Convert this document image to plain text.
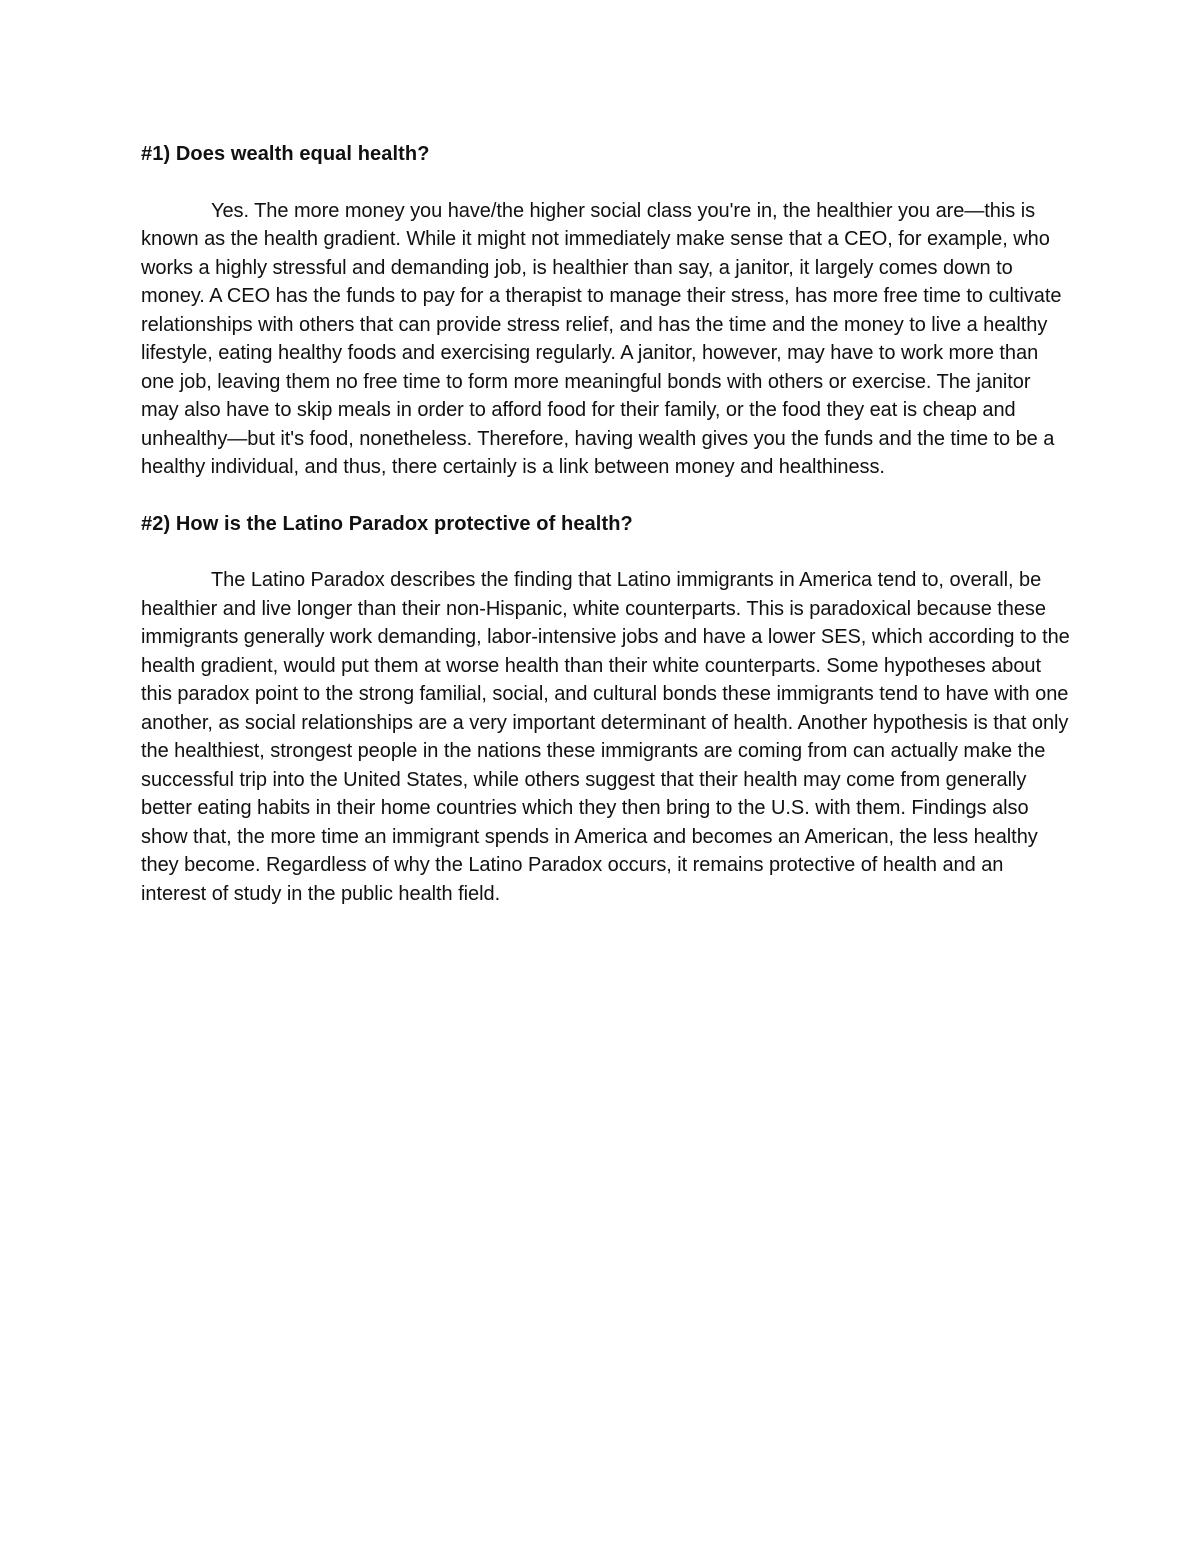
#1) Does wealth equal health?

Yes. The more money you have/the higher social class you're in, the healthier you are—this is known as the health gradient. While it might not immediately make sense that a CEO, for example, who works a highly stressful and demanding job, is healthier than say, a janitor, it largely comes down to money. A CEO has the funds to pay for a therapist to manage their stress, has more free time to cultivate relationships with others that can provide stress relief, and has the time and the money to live a healthy lifestyle, eating healthy foods and exercising regularly. A janitor, however, may have to work more than one job, leaving them no free time to form more meaningful bonds with others or exercise. The janitor may also have to skip meals in order to afford food for their family, or the food they eat is cheap and unhealthy—but it's food, nonetheless. Therefore, having wealth gives you the funds and the time to be a healthy individual, and thus, there certainly is a link between money and healthiness.

#2) How is the Latino Paradox protective of health?

The Latino Paradox describes the finding that Latino immigrants in America tend to, overall, be healthier and live longer than their non-Hispanic, white counterparts. This is paradoxical because these immigrants generally work demanding, labor-intensive jobs and have a lower SES, which according to the health gradient, would put them at worse health than their white counterparts. Some hypotheses about this paradox point to the strong familial, social, and cultural bonds these immigrants tend to have with one another, as social relationships are a very important determinant of health. Another hypothesis is that only the healthiest, strongest people in the nations these immigrants are coming from can actually make the successful trip into the United States, while others suggest that their health may come from generally better eating habits in their home countries which they then bring to the U.S. with them. Findings also show that, the more time an immigrant spends in America and becomes an American, the less healthy they become. Regardless of why the Latino Paradox occurs, it remains protective of health and an interest of study in the public health field.
